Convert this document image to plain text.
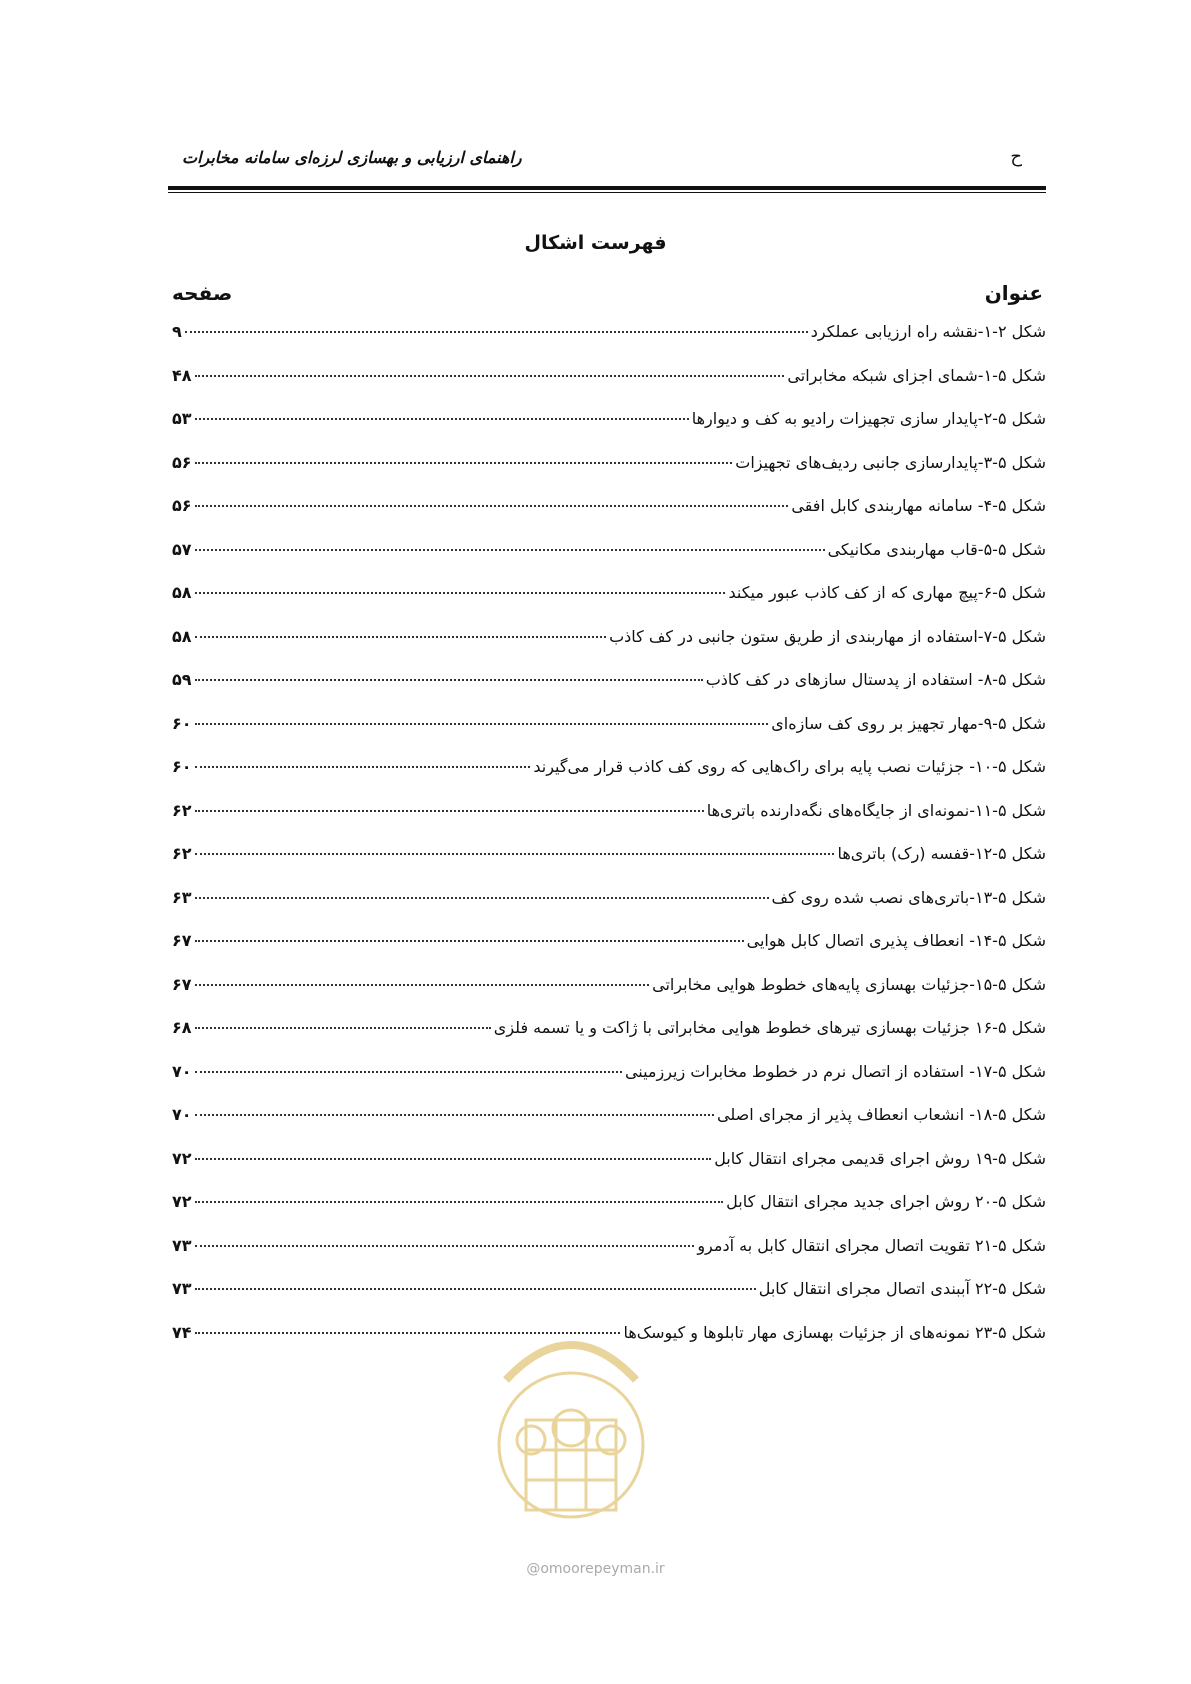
راهنمای ارزیابی و بهسازی لرزه‌ای سامانه مخابرات	ح
فهرست اشکال
عنوان
صفحه
شکل ۲-۱-نقشه راه ارزیابی عملکرد
۹
شکل ۵-۱-شمای اجزای شبکه مخابراتی
۴۸
شکل ۵-۲-پایدار سازی تجهیزات رادیو به کف و دیوارها
۵۳
شکل ۵-۳-پایدارسازی جانبی ردیف‌های تجهیزات
۵۶
شکل ۵-۴- سامانه مهاربندی کابل افقی
۵۶
شکل ۵-۵-قاب مهاربندی مکانیکی
۵۷
شکل ۵-۶-پیچ مهاری که از کف کاذب عبور میکند
۵۸
شکل ۵-۷-استفاده از مهاربندی از طریق ستون جانبی در کف کاذب
۵۸
شکل ۵-۸- استفاده از پدستال سازهای در کف کاذب
۵۹
شکل ۵-۹-مهار تجهیز بر روی کف سازه‌ای
۶۰
شکل ۵-۱۰- جزئیات نصب پایه برای راک‌هایی که روی کف کاذب قرار می‌گیرند
۶۰
شکل ۵-۱۱-نمونه‌ای از جایگاه‌های نگه‌دارنده باتری‌ها
۶۲
شکل ۵-۱۲-قفسه (رک) باتری‌ها
۶۲
شکل ۵-۱۳-باتری‌های نصب شده روی کف
۶۳
شکل ۵-۱۴- انعطاف پذیری اتصال کابل هوایی
۶۷
شکل ۵-۱۵-جزئیات بهسازی پایه‌های خطوط هوایی مخابراتی
۶۷
شکل ۵-۱۶ جزئیات بهسازی تیرهای خطوط هوایی مخابراتی با ژاکت و یا تسمه فلزی
۶۸
شکل ۵-۱۷- استفاده از اتصال نرم در خطوط مخابرات زیرزمینی
۷۰
شکل ۵-۱۸- انشعاب انعطاف پذیر از مجرای اصلی
۷۰
شکل ۵-۱۹ روش اجرای قدیمی مجرای انتقال کابل
۷۲
شکل ۵-۲۰ روش اجرای جدید مجرای انتقال کابل
۷۲
شکل ۵-۲۱ تقویت اتصال مجرای انتقال کابل به آدمرو
۷۳
شکل ۵-۲۲ آببندی اتصال مجرای انتقال کابل
۷۳
شکل ۵-۲۳ نمونه‌های از جزئیات بهسازی مهار تابلوها و کیوسک‌ها
۷۴
@omoorepeyman.ir
